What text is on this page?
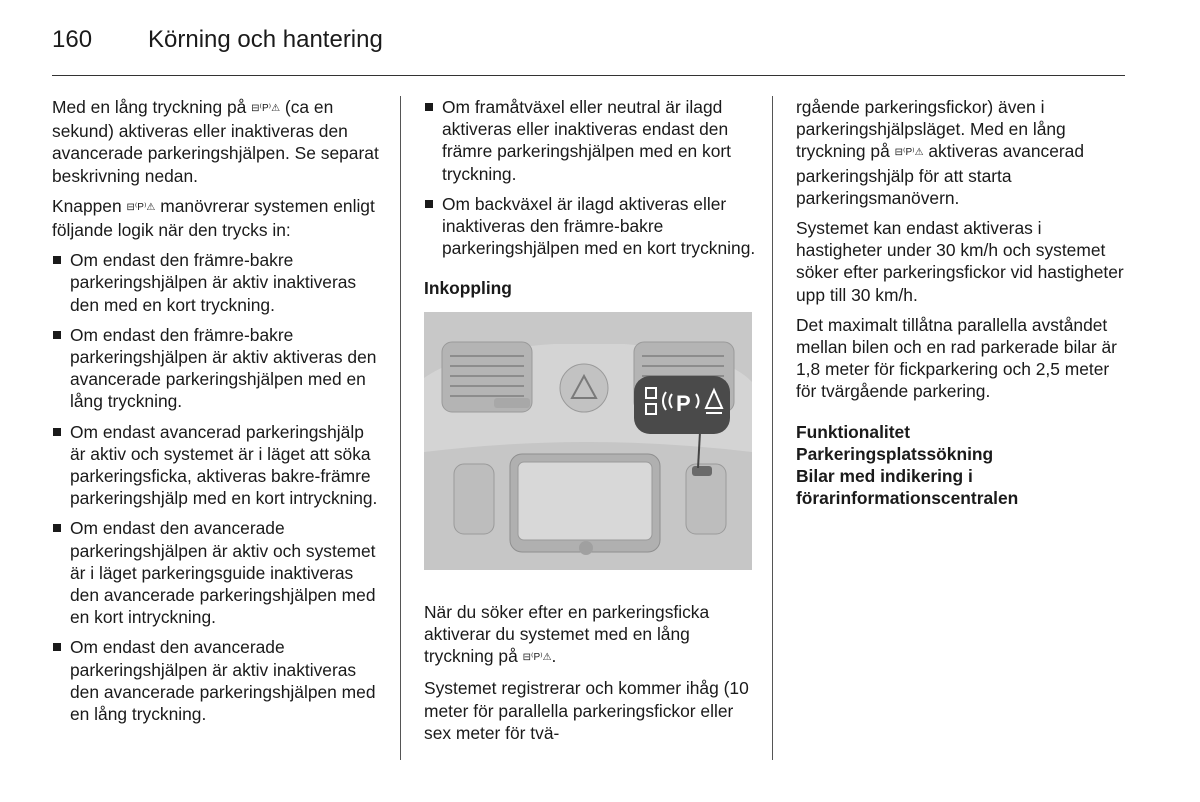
160	Körning och hantering

Med en lång tryckning på ⊟⁽P⁾⚠ (ca en sekund) aktiveras eller inaktiveras den avancerade parkeringshjälpen. Se separat beskrivning nedan.

Knappen ⊟⁽P⁾⚠ manövrerar systemen enligt följande logik när den trycks in:

Om endast den främre-bakre parkeringshjälpen är aktiv inaktiveras den med en kort tryckning.
Om endast den främre-bakre parkeringshjälpen är aktiv aktiveras den avancerade parkeringshjälpen med en lång tryckning.
Om endast avancerad parkeringshjälp är aktiv och systemet är i läget att söka parkeringsficka, aktiveras bakre-främre parkeringshjälp med en kort intryckning.
Om endast den avancerade parkeringshjälpen är aktiv och systemet är i läget parkeringsguide inaktiveras den avancerade parkeringshjälpen med en kort intryckning.
Om endast den avancerade parkeringshjälpen är aktiv inaktiveras den avancerade parkeringshjälpen med en lång tryckning.
Om framåtväxel eller neutral är ilagd aktiveras eller inaktiveras endast den främre parkeringshjälpen med en kort tryckning.
Om backväxel är ilagd aktiveras eller inaktiveras den främre-bakre parkeringshjälpen med en kort tryckning.
Inkoppling
P

När du söker efter en parkeringsficka aktiverar du systemet med en lång tryckning på ⊟⁽P⁾⚠.

Systemet registrerar och kommer ihåg (10 meter för parallella parkeringsfickor eller sex meter för tvä-

rgående parkeringsfickor) även i parkeringshjälpsläget. Med en lång tryckning på ⊟⁽P⁾⚠ aktiveras avancerad parkeringshjälp för att starta parkeringsmanövern.

Systemet kan endast aktiveras i hastigheter under 30 km/h och systemet söker efter parkeringsfickor vid hastigheter upp till 30 km/h.

Det maximalt tillåtna parallella avståndet mellan bilen och en rad parkerade bilar är 1,8 meter för fickparkering och 2,5 meter för tvärgående parkering.

Funktionalitet

Parkeringsplatssökning

Bilar med indikering i förarinformationscentralen
